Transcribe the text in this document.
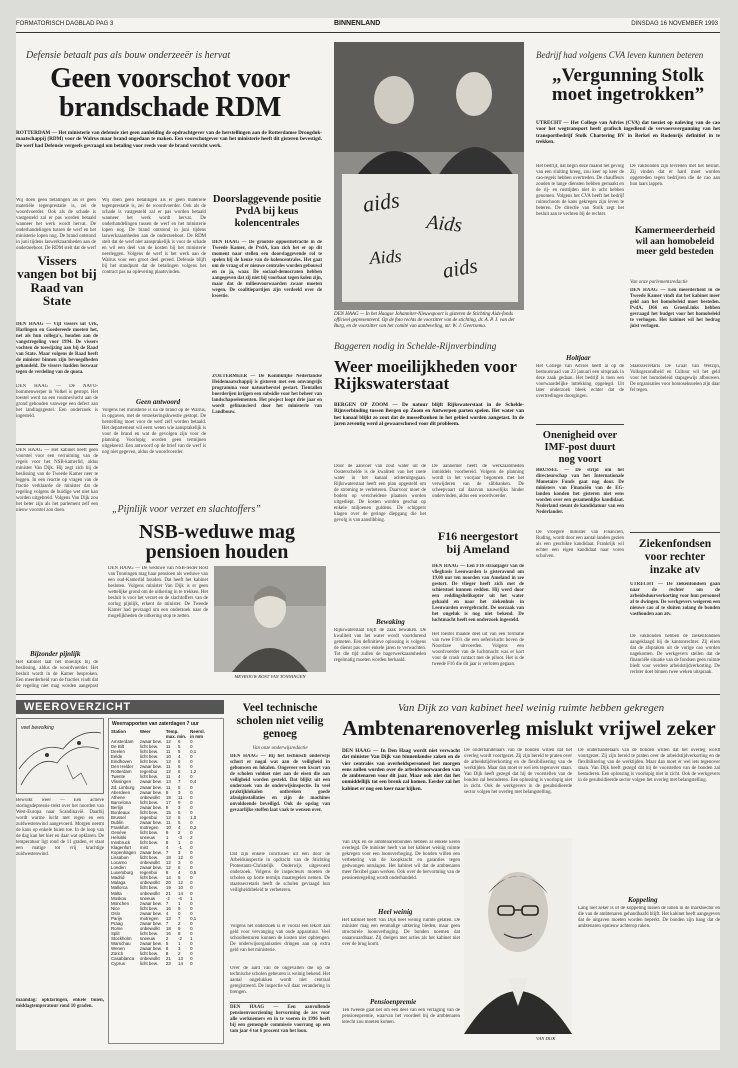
FORMATORISCH DAGBLAD PAG 3	BINNENLAND	DINSDAG 16 NOVEMBER 1993
Defensie betaalt pas als bouw onderzeeër is hervat
Geen voorschot voor brandschade RDM
ROTTERDAM — Het ministerie van defensie ziet geen aanleiding de opdrachtgever van de herstellingen aan de Rotterdamse Droogdok-maatschappij (RDM) voor de Walrus maar brand ongedaan te maken. Een voorschotgever van het ministerie heeft dit gisteren bevestigd. De werf had Defensie vergeefs gevraagd om betaling voor reeds voor de brand verricht werk.
Wij doen geen betalingen als er geen materiële tegenprestatie is, zei de woordvoerder. Ook als de schade is vastgesteld zal er pas worden betaald wanneer het werk wordt hervat. De onderhandelingen tussen de werf en het ministerie lopen nog. De brand ontstond in juni tijdens laswerkzaamheden aan de onderzeeboot. De RDM stelt dat de werf
Wij doen geen betalingen als er geen materiële tegenprestatie is, zei de woordvoerder. Ook als de schade is vastgesteld zal er pas worden betaald wanneer het werk wordt hervat. De onderhandelingen tussen de werf en het ministerie lopen nog. De brand ontstond in juni tijdens laswerkzaamheden aan de onderzeeboot. De RDM stelt dat de werf niet aansprakelijk is voor de schade en wil een deel van de kosten bij het ministerie neerleggen. Volgens de werf is het werk aan de Walrus voor een groot deel gereed. Defensie blijft bij het standpunt dat de betalingen volgens het contract pas na oplevering plaatsvinden.
Geen antwoord
Volgens het ministerie is na de brand op de Walrus, in opgaven, met de verzekeringskwestie gestopt. De herstelling moet voor de werf zelf worden betaald. Het departement wil eerst weten wie aansprakelijk is voor de brand en wat de gevolgen zijn voor de planning. Voorlopig worden geen termijnen uitgekeerd. Een antwoord op de brief van de werf is nog niet gegeven, aldus de woordvoerder.
Vissers vangen bot bij Raad van State
DEN HAAG — Vijf vissers uit Urk, Harlingen en Goedereede moeten het, net als hun collega's, houden aan de vangstregeling voor 1994. De vissers vochten de toewijzing aan bij de Raad van State. Maar volgens de Raad heeft de minister binnen zijn bevoegdheden gehandeld. De vissers hadden bezwaar tegen de verdeling van de quota.
DEN HAAG — De NAVO-bommenwerper in Volkel is gestopt. Het toestel werd na een routinevlucht aan de grond gehouden vanwege een defect aan het landingsgestel. Een onderzoek is ingesteld.
DEN HAAG — Het kabinet heeft geen voorstel voor een verruiming van de regels voor het NSB-kamerlid, aldus minister Van Dijk. Hij zegt zich bij de beslissing van de Tweede Kamer neer te leggen. In een reactie op vragen van de fractie verklaarde de minister dat de regeling volgens de huidige wet niet kan worden uitgebreid. Volgens Van Dijk zou het beter zijn als het parlement zelf een nieuw voorstel zou doen.
Bijzonder pijnlijk
Het kabinet laat het moeilijk bij de beslissing, aldus de woordvoerder. Het besluit wordt in de Kamer besproken. Een meerderheid van de fracties vindt dat de regeling niet mag worden aangepast
Doorslaggevende positie PvdA bij keus kolencentrales
DEN HAAG — De grootste oppositiefractie in de Tweede Kamer, de PvdA, kan zich het er op dit moment naar stellen een doorslaggevende rol te spelen bij de keuze van de kolencentrales. Het gaat om de vraag of er nieuwe centrales worden gebouwd en zo ja, waar. De sociaal-democraten hebben aangegeven dat zij niet bij voorbaat tegen kolen zijn, maar dat de milieuvoorwaarden zwaar moeten wegen. De coalitiepartijen zijn verdeeld over de kwestie.
ZOETERMEER — De Koninklijke Nederlandse Heidemaatschappij is gisteren met een omvangrijk programma voor natuurherstel gestart. Tientallen boerderijen krijgen een subsidie voor het beheer van landschapselementen. Het project loopt drie jaar en wordt gefinancierd door het ministerie van Landbouw.
aids
Aids
Aids aids
DEN HAAG — In het Haagse Johanniter-Nieuwspoort is gisteren de Stichting Aids-fonds officieel gepresenteerd. Op de foto rechts de voorzitter van de stichting, dr. A. P. J. van der Burg, en de voorzitter van het comité van aanbeveling, mr. W. J. Geertsema.
Baggeren nodig in Schelde-Rijnverbinding
Weer moeilijkheden voor Rijkswaterstaat
BERGEN OP ZOOM — De natuur blijft Rijkswaterstaat in de Schelde-Rijnverbinding tussen Bergen op Zoom en Antwerpen parten spelen. Het water van het kanaal blijkt zo zout dat de mosselbanken in het gebied worden aangetast. In de jaren zeventig werd al gewaarschuwd voor dit probleem.
Door de aanvoer van zout water uit de Oosterschelde is de kwaliteit van het zoete water in het kanaal achteruitgegaan. Rijkswaterstaat heeft een plan opgesteld om de stroming te verbeteren. Daarvoor moet de bodem op verscheidene plaatsen worden uitgediept. De kosten worden geschat op enkele miljoenen guldens. De schippers klagen over de geringe diepgang die het gevolg is van aanslibbing.
Bewaking
Rijkswaterstaat blijft de zaak bewaken. De kwaliteit van het water wordt voortdurend gemeten. Een definitieve oplossing is volgens de dienst pas over enkele jaren te verwachten. Tot die tijd zullen de bagerwerkzaamheden regelmatig moeten worden herhaald.
De aannemer heeft de werkzaamheden inmiddels voorbereid. Volgens de planning wordt in het voorjaar begonnen met het verwijderen van de slibbanken. De scheepvaart zal daarvan nauwelijks hinder ondervinden, aldus een woordvoerder.
F16 neergestort bij Ameland
DEN HAAG — Een F16 straaljager van de vliegbasis Leeuwarden is gisteravond om 19.00 uur ten noorden van Ameland in zee gestort. De vlieger heeft zich met de schietstoel kunnen redden. Hij werd door een reddingshelikopter uit het water gehaald en naar het ziekenhuis in Leeuwarden overgebracht. De oorzaak van het ongeluk is nog niet bekend. De luchtmacht heeft een onderzoek ingesteld.
Het toestel maakte deel uit van een formatie van twee F16's die een oefenvlucht boven de Noordzee uitvoerden. Volgens een woordvoerder van de luchtmacht was er kort voor de crash contact met de piloot. Het is de tweede F16 die dit jaar is verloren gegaan.
„Pijnlijk voor verzet en slachtoffers”
NSB-weduwe mag pensioen houden
DEN HAAG — De weduwe van NSB-leider Rost van Tonningen mag haar pensioen als weduwe van een oud-Kamerlid houden. Dat heeft het kabinet besloten. Volgens minister Van Dijk is er geen wettelijke grond om de uitkering in te trekken. Het besluit is voor het verzet en de slachtoffers van de oorlog pijnlijk, erkent de minister. De Tweede Kamer had gevraagd om een onderzoek naar de mogelijkheden de uitkering stop te zetten.
MEVROUW ROST VAN TONNINGEN
Bedrijf had volgens CVA leven kunnen beteren
„Vergunning Stolk moet ingetrokken”
UTRECHT — Het College van Advies (CVA) dat toeziet op naleving van de cao voor het wegtransport heeft grafisch ingediend de vervoersvergunning van het transportbedrijf Stolk Chartering BV in Berkel en Rodenrijs definitief in te trekken.
Het bedrijf, dat begin deze maand het gevolg van een sluiting kreeg, zou keer op keer de cao-regels hebben overtreden. De chauffeurs zouden te lange diensten hebben gemaakt en de rij- en rusttijden niet in acht hebben genomen. Volgens het CVA heeft het bedrijf ruimschoots de kans gekregen zijn leven te beteren. De directie van Stolk zegt het besluit aan te vechten bij de rechter.
Holtjaar
Het College van Advies heeft al op de bestuursraad van 23 januari een uitspraak in deze zaak gedaan. Het bedrijf is toen een voorwaardelijke intrekking opgelegd. Uit later onderzoek bleek echter dat de overtredingen doorgingen.
De vakbonden zijn tevreden met het besluit. Zij vinden dat er hard moet worden opgetreden tegen bedrijven die de cao aan hun laars lappen.
Kamermeerderheid wil aan homobeleid meer geld besteden
Van onze parlementsredactie
DEN HAAG — Een meerderheid in de Tweede Kamer vindt dat het kabinet meer geld aan het homobeleid moet besteden. PvdA, D66 en GroenLinks hebben gevraagd het budget voor het homobeleid te verhogen. Het kabinet wil het bedrag juist verlagen.
Staatssecretaris De Graaf van Welzijn, Volksgezondheid en Cultuur wil het geld voor het homobeleid stapsgewijs afbouwen. De organisaties voor homoseksuelen zijn daar fel tegen.
Onenigheid over IMF-post duurt nog voort
BRUSSEL — De strijd om het directeurschap van het Internationale Monetaire Fonds gaat nog door. De ministers van Financiën van de EG-landen konden het gisteren niet eens worden over een gezamenlijke kandidaat. Nederland steunt de kandidatuur van een Nederlander.
De vroegere minister van Financiën, Ruding, wordt door een aantal landen gezien als een geschikte kandidaat. Frankrijk wil echter een eigen kandidaat naar voren schuiven.
Ziekenfondsen voor rechter inzake atv
UTRECHT — De ziekenfondsen gaan naar de rechter om de arbeidsduurverkorting voor hun personeel af te dwingen. De werkgevers weigeren een nieuwe cao af te sluiten zolang de bonden vasthouden aan atv.
De vakbonden hebben de ziekenfondsen aangeklaagd bij de kantonrechter. Zij eisen dat de afspraken uit de vorige cao worden nagekomen. De werkgevers stellen dat de financiële situatie van de fondsen geen ruimte biedt voor verdere arbeidstijdverkorting. De rechter doet binnen twee weken uitspraak.
WEEROVERZICHT
veel bewolking
Bewolkt weer — Een actieve storingsdepressie trekt over het noorden van West-Europa naar Scandinavië. Daarbij wordt warme lucht met regen en een zuidwestenwind aangevoerd. Morgen neemt de kans op enkele buien toe. In de loop van de dag kan het hier en daar wat opklaren. De temperatuur ligt rond de 11 graden, er staat een matige tot vrij krachtige zuidwestenwind.
maandag: opklaringen, enkele buien, middagtemperatuur rond 10 graden.
Weerrapporten van zaterdagen 7 uur
Station	Weer	Temp.		Neersl.
		max. min.		in mm
Amsterdam	zwaar bew.	12	6	0
De Bilt	licht bew.	11	5	0
Deelen	licht bew.	11	5	0,1
Eelde	licht bew.	10	4	0
Eindhoven	licht bew.	12	6	0
Den Helder	zwaar bew.	11	6	0
Rotterdam	regenbui	12	6	1,2
Twente	licht bew.	11	4	0
Vlissingen	zwaar bew.	13	7	0,4
Zd. Limburg	zwaar bew.	11	5	0
Aberdeen	zwaar bew.	9	3	0
Athene	onbewolkt	19	11	0
Barcelona	licht bew.	17	9	0
Berlijn	zwaar bew.	9	3	0
Bordeaux	licht bew.	15	6	0
Brussel	regenbui	12	6	1,0
Dublin	zwaar bew.	11	5	0
Frankfurt	motregen	10	4	0,2
Genève	licht bew.	9	2	0
Helsinki	sneeuw	1	-3	2
Innsbruck	licht bew.	8	1	0
Klagenfurt	mist	4	-1	0
Kopenhagen	zwaar bew.	7	3	0
Lissabon	licht bew.	18	12	0
Locarno	onbewolkt	12	3	0
Londen	zwaar bew.	12	6	0
Luxemburg	regenbui	9	4	0,5
Madrid	licht bew.	14	5	0
Malaga	onbewolkt	20	12	0
Mallorca	licht bew.	19	10	0
Malta	onbewolkt	21	14	0
Moskou	sneeuw	-2	-6	1
München	zwaar bew.	7	1	0
Nice	licht bew.	16	9	0
Oslo	zwaar bew.	4	0	0
Parijs	motregen	13	7	0,1
Praag	zwaar bew.	7	2	0
Rome	onbewolkt	18	9	0
Split	licht bew.	16	8	0
Stockholm	sneeuw	2	-2	1
Warschau	zwaar bew.	5	1	0
Wenen	zwaar bew.	8	3	0
Zürich	licht bew.	8	2	0
Casablanca	onbewolkt	21	13	0
Cyprus	licht bew.	23	14	0
Veel technische scholen niet veilig genoeg
Van onze onderwijsredactie
DEN HAAG — Bij het technisch onderwijs schort er nogal wat aan de veiligheid in gebouwen en lokalen. Ongeveer een kwart van de scholen voldoet niet aan de eisen die aan veiligheid worden gesteld. Dat blijkt uit een onderzoek van de onderwijsinspectie. In veel praktijklokalen ontbreken goede afzuiginstallaties en zijn de machines onvoldoende beveiligd. Ook de opslag van gevaarlijke stoffen laat vaak te wensen over.
Dat zijn enkele conclusies uit een door de Arbeidsinspectie in opdracht van de Stichting Protestants-Christelijk Onderwijs uitgevoerd onderzoek. Volgens de inspecteurs moeten de scholen op korte termijn maatregelen nemen. De staatssecretaris heeft de scholen gevraagd hun veiligheidsbeleid te verbeteren.
Volgens het onderzoek is er vooral een tekort aan geld voor vervanging van oude apparatuur. Veel schoolbesturen kunnen de kosten niet opbrengen. De onderwijsorganisaties dringen aan op extra geld van het ministerie.
Over de aard van de ongevallen die op de technische scholen gebeuren is weinig bekend. Het aantal ongelukken wordt niet centraal geregistreerd. De inspectie wil daar verandering in brengen.
DEN HAAG — Een aanvullende pensioenvoorziening hervorming de zes voor alle werknemers en in te voeren in 1996 heeft bij een gemengde commissie voorrang op een tam jaar 4 tot 6 procent van het loon.
Van Dijk zo van kabinet heel weinig ruimte hebben gekregen
Ambtenarenoverleg mislukt vrijwel zeker
DEN HAAG — In Den Haag wordt niet verwacht dat minister Van Dijk van binnenlandse zaken en de vier centrales van overheidspersoneel het morgen eens zullen worden over de arbeidsvoorwaarden van de ambtenaren voor dit jaar. Maar ook niet dat het onmiddellijk tot een breuk zal komen. Eerder zal het kabinet er nog een keer naar kijken.
Van Dijk en de ambtenarenbonden hebben al enkele keren overlegd. De minister heeft van het kabinet weinig ruimte gekregen voor een loonsverhoging. De bonden willen een verbetering van de koopkracht en garanties tegen gedwongen ontslagen. Het kabinet wil dat de ambtenaren meer flexibel gaan werken. Ook over de hervorming van de pensioenregeling wordt onderhandeld.
Heel weinig
Het kabinet heeft Van Dijk heel weinig ruimte gelaten. De minister mag een eenmalige uitkering bieden, maar geen structurele loonsverhoging. De bonden noemen dat onaanvaardbaar. Zij dreigen met acties als het kabinet niet over de brug komt.
Pensioenpremie
Ten tweede gaat het om een deel van een verlaging van de pensioenpremie, waarvan het voordeel bij de ambtenaren terecht zou moeten komen.
VAN DIJK
De onderhandelaars van de bonden willen dat het overleg wordt voortgezet. Zij zijn bereid te praten over de arbeidstijdverkorting en de flexibilisering van de werktijden. Maar dan moet er wel iets tegenover staan. Van Dijk heeft gezegd dat hij de voorstellen van de bonden zal bestuderen. Een oplossing is voorlopig niet in zicht. Ook de werkgevers in de gesubsidieerde sector volgen het overleg met belangstelling.
De onderhandelaars van de bonden willen dat het overleg wordt voortgezet. Zij zijn bereid te praten over de arbeidstijdverkorting en de flexibilisering van de werktijden. Maar dan moet er wel iets tegenover staan. Van Dijk heeft gezegd dat hij de voorstellen van de bonden zal bestuderen. Een oplossing is voorlopig niet in zicht. Ook de werkgevers in de gesubsidieerde sector volgen het overleg met belangstelling.
Koppeling
Lang niet zeker is of de koppeling tussen de lonen in de marktsector en die van de ambtenaren gehandhaafd blijft. Het kabinet heeft aangegeven dat de uitgaven moeten worden beperkt. De bonden zijn bang dat de ambtenaren opnieuw achterop raken.
